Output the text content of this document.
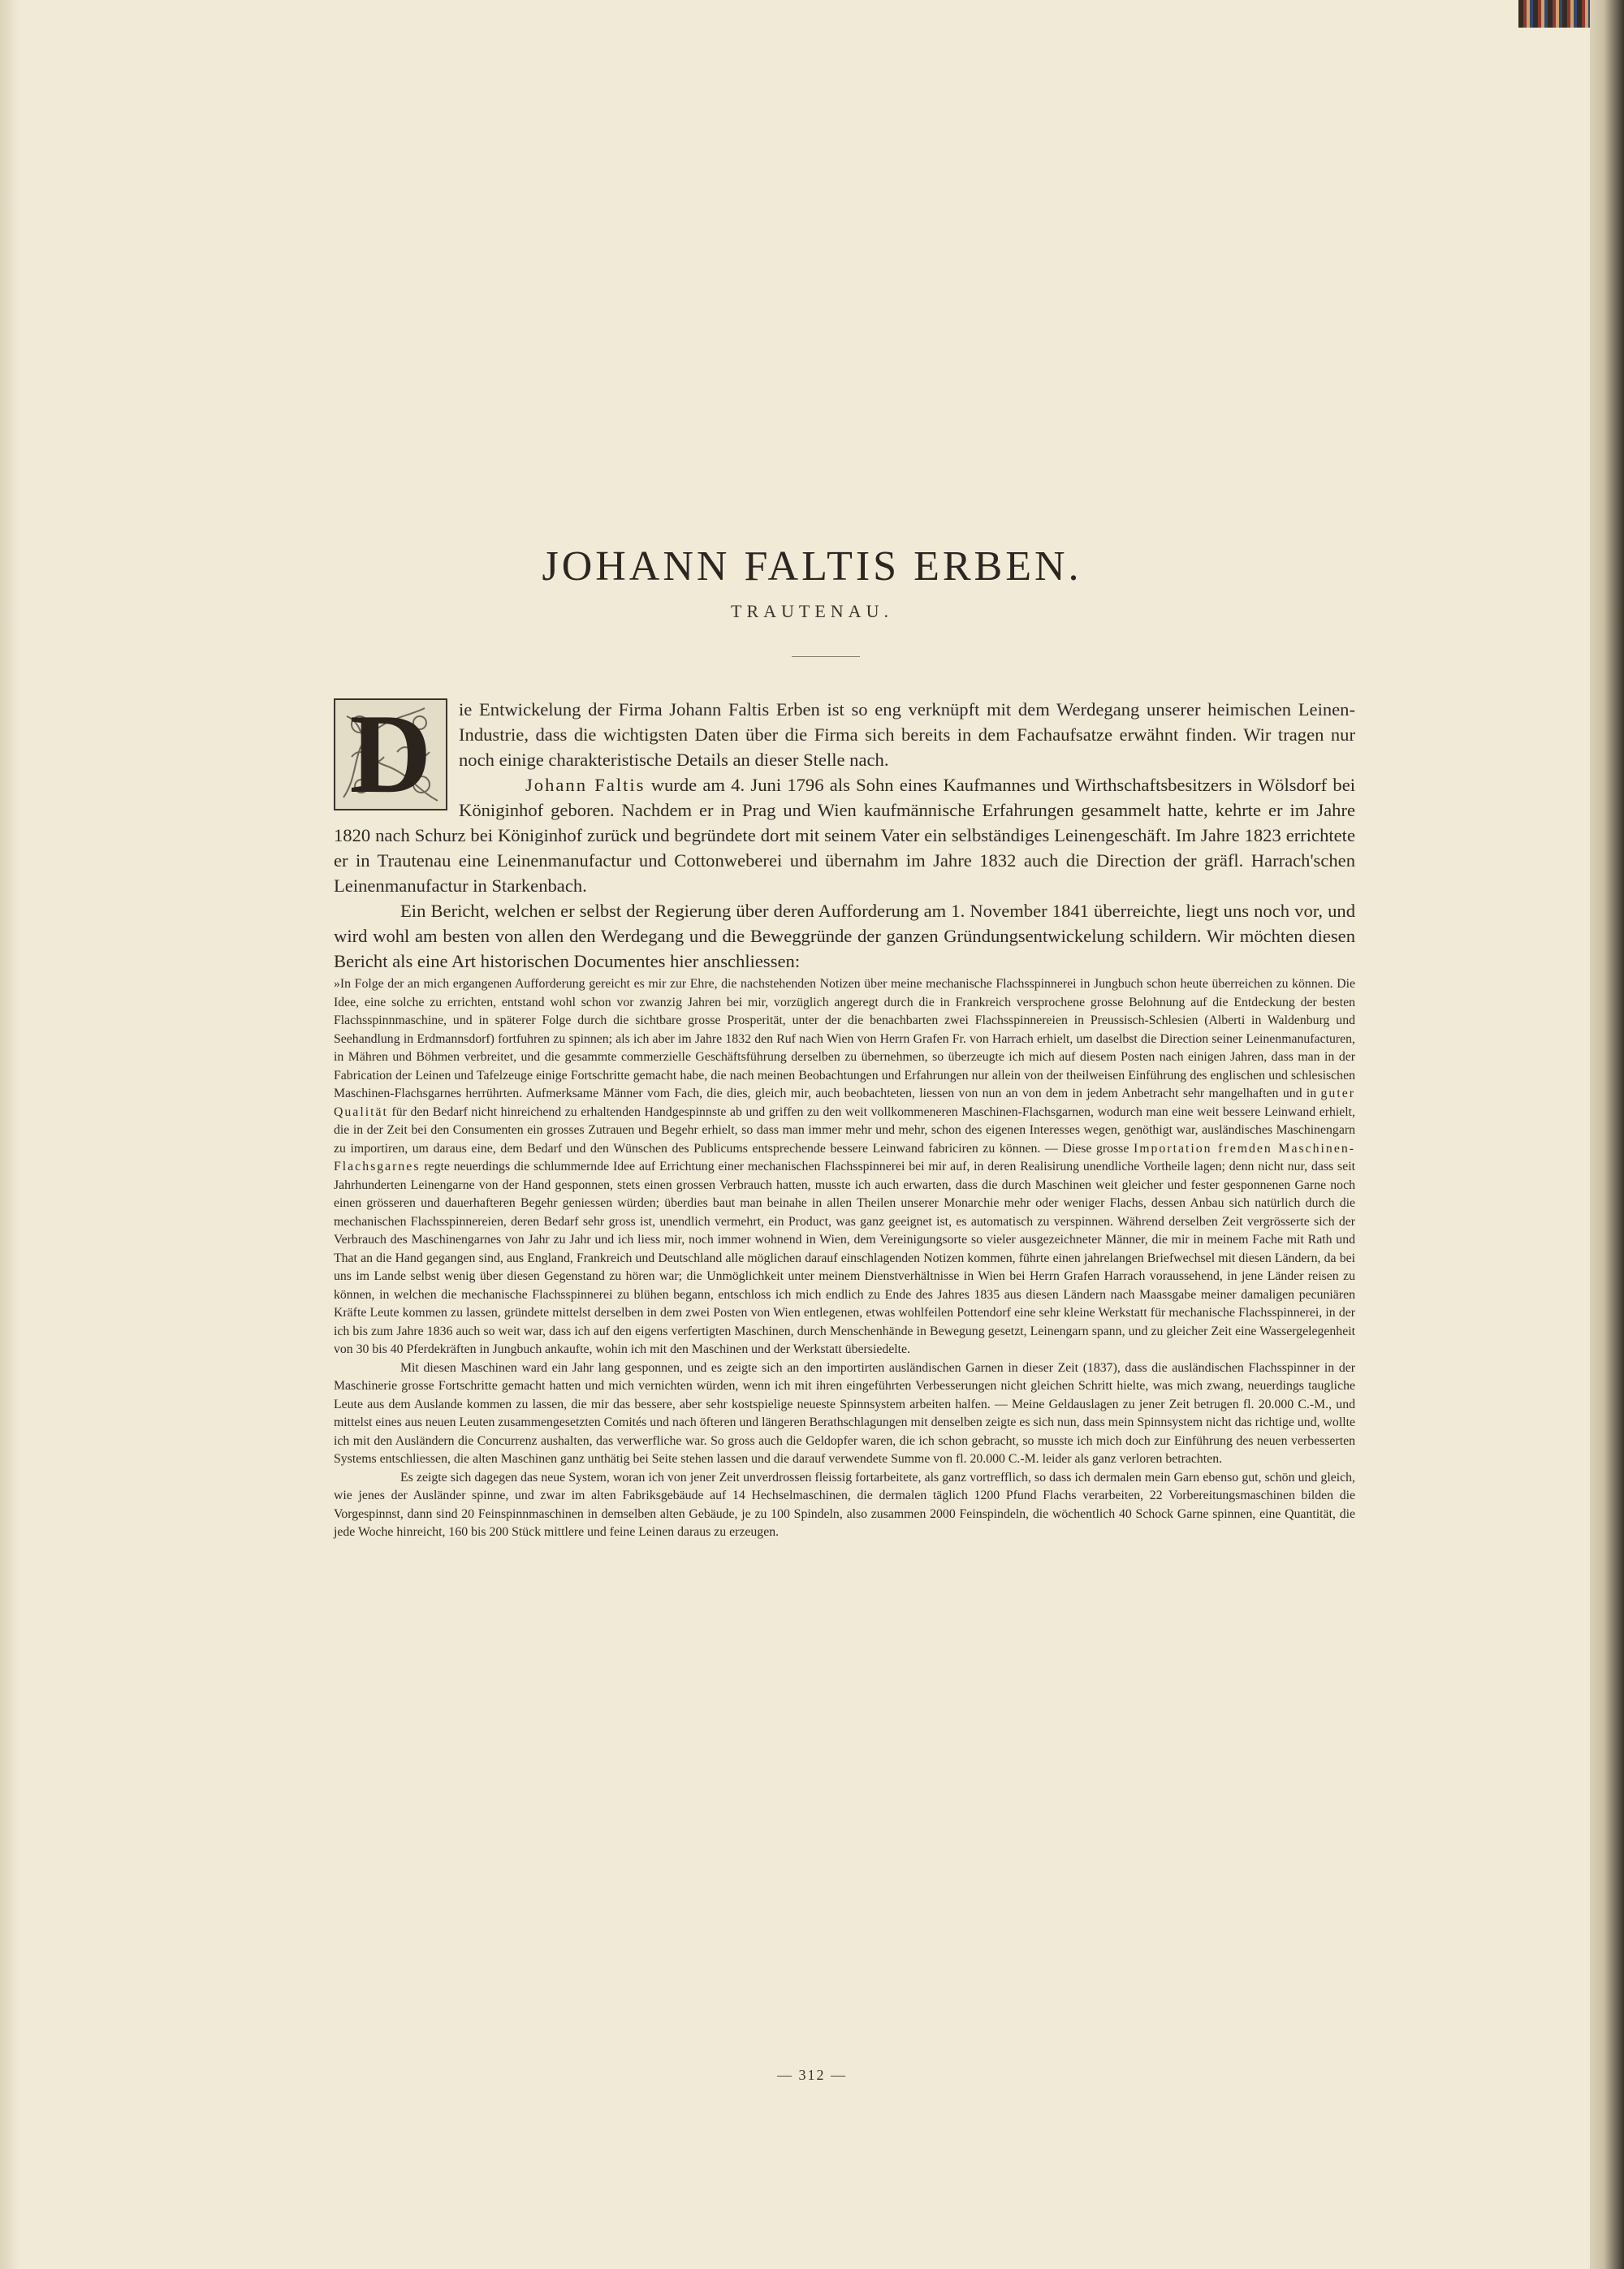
JOHANN FALTIS ERBEN.
TRAUTENAU.
D	ie Entwickelung der Firma Johann Faltis Erben ist so eng verknüpft mit dem Werdegang unserer heimischen Leinen-Industrie, dass die wichtigsten Daten über die Firma sich bereits in dem Fachaufsatze erwähnt finden. Wir tragen nur noch einige charakteristische Details an dieser Stelle nach.

Johann Faltis wurde am 4. Juni 1796 als Sohn eines Kaufmannes und Wirthschaftsbesitzers in Wölsdorf bei Königinhof geboren. Nachdem er in Prag und Wien kaufmännische Erfahrungen gesammelt hatte, kehrte er im Jahre 1820 nach Schurz bei Königinhof zurück und begründete dort mit seinem Vater ein selbständiges Leinengeschäft. Im Jahre 1823 errichtete er in Trautenau eine Leinenmanufactur und Cottonweberei und übernahm im Jahre 1832 auch die Direction der gräfl. Harrach'schen Leinenmanufactur in Starkenbach.

Ein Bericht, welchen er selbst der Regierung über deren Aufforderung am 1. November 1841 überreichte, liegt uns noch vor, und wird wohl am besten von allen den Werdegang und die Beweggründe der ganzen Gründungsentwickelung schildern. Wir möchten diesen Bericht als eine Art historischen Documentes hier anschliessen:

»In Folge der an mich ergangenen Aufforderung gereicht es mir zur Ehre, die nachstehenden Notizen über meine mechanische Flachsspinnerei in Jungbuch schon heute überreichen zu können. Die Idee, eine solche zu errichten, entstand wohl schon vor zwanzig Jahren bei mir, vorzüglich angeregt durch die in Frankreich versprochene grosse Belohnung auf die Entdeckung der besten Flachsspinnmaschine, und in späterer Folge durch die sichtbare grosse Prosperität, unter der die benachbarten zwei Flachsspinnereien in Preussisch-Schlesien (Alberti in Waldenburg und Seehandlung in Erdmannsdorf) fortfuhren zu spinnen; als ich aber im Jahre 1832 den Ruf nach Wien von Herrn Grafen Fr. von Harrach erhielt, um daselbst die Direction seiner Leinenmanufacturen, in Mähren und Böhmen verbreitet, und die gesammte commerzielle Geschäftsführung derselben zu übernehmen, so überzeugte ich mich auf diesem Posten nach einigen Jahren, dass man in der Fabrication der Leinen und Tafelzeuge einige Fortschritte gemacht habe, die nach meinen Beobachtungen und Erfahrungen nur allein von der theilweisen Einführung des englischen und schlesischen Maschinen-Flachsgarnes herrührten. Aufmerksame Männer vom Fach, die dies, gleich mir, auch beobachteten, liessen von nun an von dem in jedem Anbetracht sehr mangelhaften und in guter Qualität für den Bedarf nicht hinreichend zu erhaltenden Handgespinnste ab und griffen zu den weit vollkommeneren Maschinen-Flachsgarnen, wodurch man eine weit bessere Leinwand erhielt, die in der Zeit bei den Consumenten ein grosses Zutrauen und Begehr erhielt, so dass man immer mehr und mehr, schon des eigenen Interesses wegen, genöthigt war, ausländisches Maschinengarn zu importiren, um daraus eine, dem Bedarf und den Wünschen des Publicums entsprechende bessere Leinwand fabriciren zu können. — Diese grosse Importation fremden Maschinen-Flachsgarnes regte neuerdings die schlummernde Idee auf Errichtung einer mechanischen Flachsspinnerei bei mir auf, in deren Realisirung unendliche Vortheile lagen; denn nicht nur, dass seit Jahrhunderten Leinengarne von der Hand gesponnen, stets einen grossen Verbrauch hatten, musste ich auch erwarten, dass die durch Maschinen weit gleicher und fester gesponnenen Garne noch einen grösseren und dauerhafteren Begehr geniessen würden; überdies baut man beinahe in allen Theilen unserer Monarchie mehr oder weniger Flachs, dessen Anbau sich natürlich durch die mechanischen Flachsspinnereien, deren Bedarf sehr gross ist, unendlich vermehrt, ein Product, was ganz geeignet ist, es automatisch zu verspinnen. Während derselben Zeit vergrösserte sich der Verbrauch des Maschinengarnes von Jahr zu Jahr und ich liess mir, noch immer wohnend in Wien, dem Vereinigungsorte so vieler ausgezeichneter Männer, die mir in meinem Fache mit Rath und That an die Hand gegangen sind, aus England, Frankreich und Deutschland alle möglichen darauf einschlagenden Notizen kommen, führte einen jahrelangen Briefwechsel mit diesen Ländern, da bei uns im Lande selbst wenig über diesen Gegenstand zu hören war; die Unmöglichkeit unter meinem Dienstverhältnisse in Wien bei Herrn Grafen Harrach voraussehend, in jene Länder reisen zu können, in welchen die mechanische Flachsspinnerei zu blühen begann, entschloss ich mich endlich zu Ende des Jahres 1835 aus diesen Ländern nach Maassgabe meiner damaligen pecuniären Kräfte Leute kommen zu lassen, gründete mittelst derselben in dem zwei Posten von Wien entlegenen, etwas wohlfeilen Pottendorf eine sehr kleine Werkstatt für mechanische Flachsspinnerei, in der ich bis zum Jahre 1836 auch so weit war, dass ich auf den eigens verfertigten Maschinen, durch Menschenhände in Bewegung gesetzt, Leinengarn spann, und zu gleicher Zeit eine Wassergelegenheit von 30 bis 40 Pferdekräften in Jungbuch ankaufte, wohin ich mit den Maschinen und der Werkstatt übersiedelte.

Mit diesen Maschinen ward ein Jahr lang gesponnen, und es zeigte sich an den importirten ausländischen Garnen in dieser Zeit (1837), dass die ausländischen Flachsspinner in der Maschinerie grosse Fortschritte gemacht hatten und mich vernichten würden, wenn ich mit ihren eingeführten Verbesserungen nicht gleichen Schritt hielte, was mich zwang, neuerdings taugliche Leute aus dem Auslande kommen zu lassen, die mir das bessere, aber sehr kostspielige neueste Spinnsystem arbeiten halfen. — Meine Geldauslagen zu jener Zeit betrugen fl. 20.000 C.-M., und mittelst eines aus neuen Leuten zusammengesetzten Comités und nach öfteren und längeren Berathschlagungen mit denselben zeigte es sich nun, dass mein Spinnsystem nicht das richtige und, wollte ich mit den Ausländern die Concurrenz aushalten, das verwerfliche war. So gross auch die Geldopfer waren, die ich schon gebracht, so musste ich mich doch zur Einführung des neuen verbesserten Systems entschliessen, die alten Maschinen ganz unthätig bei Seite stehen lassen und die darauf verwendete Summe von fl. 20.000 C.-M. leider als ganz verloren betrachten.

Es zeigte sich dagegen das neue System, woran ich von jener Zeit unverdrossen fleissig fortarbeitete, als ganz vortrefflich, so dass ich dermalen mein Garn ebenso gut, schön und gleich, wie jenes der Ausländer spinne, und zwar im alten Fabriksgebäude auf 14 Hechselmaschinen, die dermalen täglich 1200 Pfund Flachs verarbeiten, 22 Vorbereitungsmaschinen bilden die Vorgespinnst, dann sind 20 Feinspinnmaschinen in demselben alten Gebäude, je zu 100 Spindeln, also zusammen 2000 Feinspindeln, die wöchentlich 40 Schock Garne spinnen, eine Quantität, die jede Woche hinreicht, 160 bis 200 Stück mittlere und feine Leinen daraus zu erzeugen.

— 312 —
